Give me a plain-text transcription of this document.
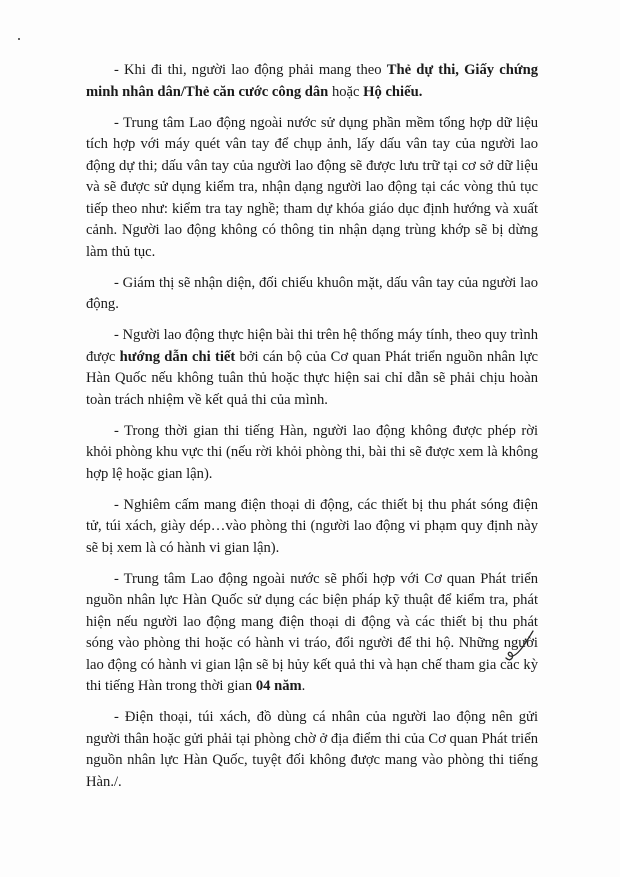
- Khi đi thi, người lao động phải mang theo Thẻ dự thi, Giấy chứng minh nhân dân/Thẻ căn cước công dân hoặc Hộ chiếu.

- Trung tâm Lao động ngoài nước sử dụng phần mềm tổng hợp dữ liệu tích hợp với máy quét vân tay để chụp ảnh, lấy dấu vân tay của người lao động dự thi; dấu vân tay của người lao động sẽ được lưu trữ tại cơ sở dữ liệu và sẽ được sử dụng kiểm tra, nhận dạng người lao động tại các vòng thủ tục tiếp theo như: kiểm tra tay nghề; tham dự khóa giáo dục định hướng và xuất cảnh. Người lao động không có thông tin nhận dạng trùng khớp sẽ bị dừng làm thủ tục.

- Giám thị sẽ nhận diện, đối chiếu khuôn mặt, dấu vân tay của người lao động.

- Người lao động thực hiện bài thi trên hệ thống máy tính, theo quy trình được hướng dẫn chi tiết bởi cán bộ của Cơ quan Phát triển nguồn nhân lực Hàn Quốc nếu không tuân thủ hoặc thực hiện sai chỉ dẫn sẽ phải chịu hoàn toàn trách nhiệm về kết quả thi của mình.

- Trong thời gian thi tiếng Hàn, người lao động không được phép rời khỏi phòng khu vực thi (nếu rời khỏi phòng thi, bài thi sẽ được xem là không hợp lệ hoặc gian lận).

- Nghiêm cấm mang điện thoại di động, các thiết bị thu phát sóng điện tử, túi xách, giày dép…vào phòng thi (người lao động vi phạm quy định này sẽ bị xem là có hành vi gian lận).

- Trung tâm Lao động ngoài nước sẽ phối hợp với Cơ quan Phát triển nguồn nhân lực Hàn Quốc sử dụng các biện pháp kỹ thuật để kiểm tra, phát hiện nếu người lao động mang điện thoại di động và các thiết bị thu phát sóng vào phòng thi hoặc có hành vi tráo, đổi người để thi hộ. Những người lao động có hành vi gian lận sẽ bị hủy kết quả thi và hạn chế tham gia các kỳ thi tiếng Hàn trong thời gian 04 năm.

- Điện thoại, túi xách, đồ dùng cá nhân của người lao động nên gửi người thân hoặc gửi phải tại phòng chờ ở địa điểm thi của Cơ quan Phát triển nguồn nhân lực Hàn Quốc, tuyệt đối không được mang vào phòng thi tiếng Hàn./.
